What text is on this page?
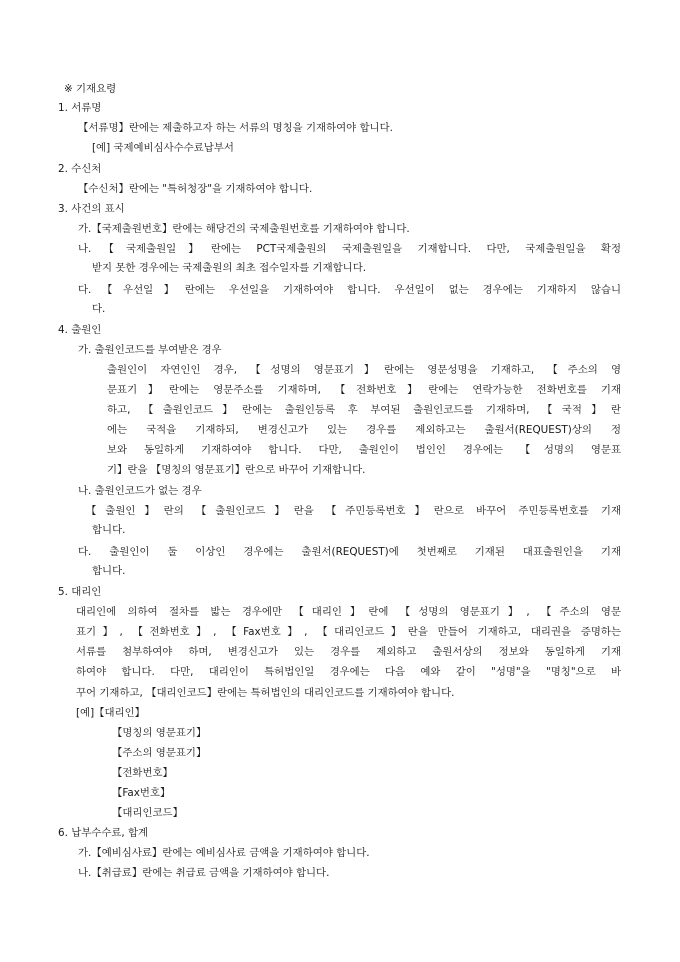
※ 기재요령
1. 서류명
【서류명】란에는 제출하고자 하는 서류의 명칭을 기재하여야 합니다.
[예] 국제예비심사수수료납부서
2. 수신처
【수신처】란에는 "특허청장"을 기재하여야 합니다.
3. 사건의 표시
가.【국제출원번호】란에는 해당건의 국제출원번호를 기재하여야 합니다.
나.【국제출원일】란에는 PCT국제출원의 국제출원일을 기재합니다. 다만, 국제출원일을 확정
받지 못한 경우에는 국제출원의 최초 접수일자를 기재합니다.
다.【우선일】란에는 우선일을 기재하여야 합니다. 우선일이 없는 경우에는 기재하지 않습니
다.
4. 출원인
가. 출원인코드를 부여받은 경우
출원인이 자연인인 경우, 【성명의 영문표기】란에는 영문성명을 기재하고, 【주소의 영
문표기】란에는 영문주소를 기재하며, 【전화번호】란에는 연락가능한 전화번호를 기재
하고, 【출원인코드】란에는 출원인등록 후 부여된 출원인코드를 기재하며, 【국적】란
에는 국적을 기재하되, 변경신고가 있는 경우를 제외하고는 출원서(REQUEST)상의 정
보와 동일하게 기재하여야 합니다. 다만, 출원인이 법인인 경우에는 【성명의 영문표
기】란을 【명칭의 영문표기】란으로 바꾸어 기재합니다.
나. 출원인코드가 없는 경우
【출원인】란의 【출원인코드】란을 【주민등록번호】란으로 바꾸어 주민등록번호를 기재
합니다.
다. 출원인이 둘 이상인 경우에는 출원서(REQUEST)에 첫번째로 기재된 대표출원인을 기재
합니다.
5. 대리인
대리인에 의하여 절차를 밟는 경우에만 【대리인】란에 【성명의 영문표기】, 【주소의 영문
표기】, 【전화번호】, 【Fax번호】, 【대리인코드】란을 만들어 기재하고, 대리권을 증명하는
서류를 첨부하여야 하며, 변경신고가 있는 경우를 제외하고 출원서상의 정보와 동일하게 기재
하여야 합니다. 다만, 대리인이 특허법인일 경우에는 다음 예와 같이 "성명"을 "명칭"으로 바
꾸어 기재하고, 【대리인코드】란에는 특허법인의 대리인코드를 기재하여야 합니다.
[예]【대리인】
【명칭의 영문표기】
【주소의 영문표기】
【전화번호】
【Fax번호】
【대리인코드】
6. 납부수수료, 합계
가.【예비심사료】란에는 예비심사료 금액을 기재하여야 합니다.
나.【취급료】란에는 취급료 금액을 기재하여야 합니다.
